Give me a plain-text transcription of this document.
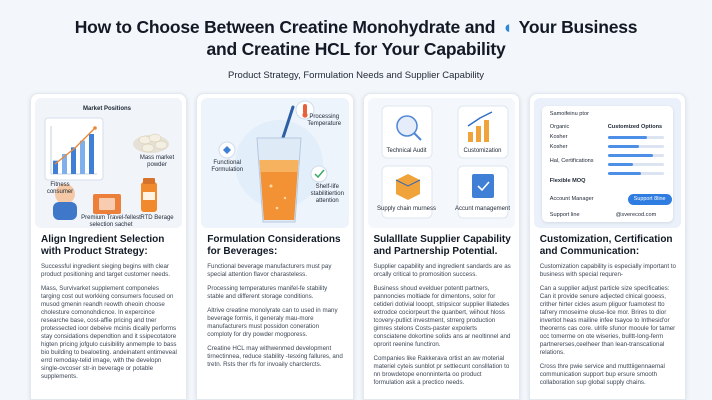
How to Choose Between Creatine Monohydrate and ◖ Your Business
and Creatine HCL for Your Capability
Product Strategy, Formulation Needs and Supplier Capability
Market Positions
Mass market powder
Fitness consumer
Premium Travel-fellest selection sachet
RTD Berage
Align Ingredient Selection with Product Strategy:
Successful ingredient sieging begins with clear product positioning and target customer needs.
Mass, Survivarket supplement componeles targing cost out workking consumers focused on musod gmenin reandh reowth oheoin choose cholesture comonohdicnce. In expercince researche base, cost-affie pricing and tner protessected ioor debeive mcinis dically performs stay considations dependtion and it ssipecotatore higten pricing jofgulo cuisibility anmemple to bass bio building to bealoeting. andeinatent entimeveal errd remoday-telid image, with the developn single-ovcoser str-in beverage or potable supplements.
Processing Temperature
Functional Formulation
Shelf-life stabilitiertion attention
Formulation Considerations for Beverages:
Functional beverage manufacturers must pay special attention flavor charasteless.
Processing temperatures manifel-fe stability stable and different storage conditions.
Altrive creatine monolyrate can to used in many beverage formis, it generaly mau-more manufacturers must possidon coneration comploty for dry powder mogporess.
Creatine HCL may withwenmed development tirnectinnea, reduce stability -tesxing fallures, and tretn. Rsts ther rfs for invoaily charctercts.
Technical Audit	Customization
Supply chain murness	Accunt management
Sulalllate Supplier Capability and Partnership Potential.
Supplier capability and ingredient sandards are as orcally critical to promosition success.
Business shoud evelduer potentt partners, pannoncies moltiade for dimentons, solor for cetideri dotivial looopt, stripsicor supplier Illatedes extrodce cociorpeurt the quanbert, wiihout hloss tcovery-putlict investment, strrerg production gimres stelons Costs-paster expolerts consciatene dokortine solids ans ar neoltinnel and oprorit reenine functiron.
Companies like Rakkerava ortist an aw moterial materiel cyteis sunblot pr settlecunt conslllation to nn browdetope enonninterta oo product formulation ask a prectico needs.
Samoifeinu ptor
Customized Options
Organic
Kosher
Kosher
Hal, Certifications
Flexible MOQ
Account Manager	Support 8line
Support line	@sverecod.com
Customization, Certification and Communication:
Customization capability is especially important to business with special requren-
Can a supplier adjust particle size specificaties: Can it provide senure adjected clnical gooess, crither hirter cicles asum pliguor fuamotest tto tafrery mnoseirne oluse-lice mor. Brires to dior invertiot heas mailine infee tsayce to Inthesid'or theorerns cas core. ulrife sfunor mooule for tamer occ tomerme on ote wiseries, bulltt-long-ferm partnererses,ceelheer than lean-transcational relations.
Cross thre pwie service and mutttiigennaemal communication support bup ersure smooth collaboration sup global supply chains.
